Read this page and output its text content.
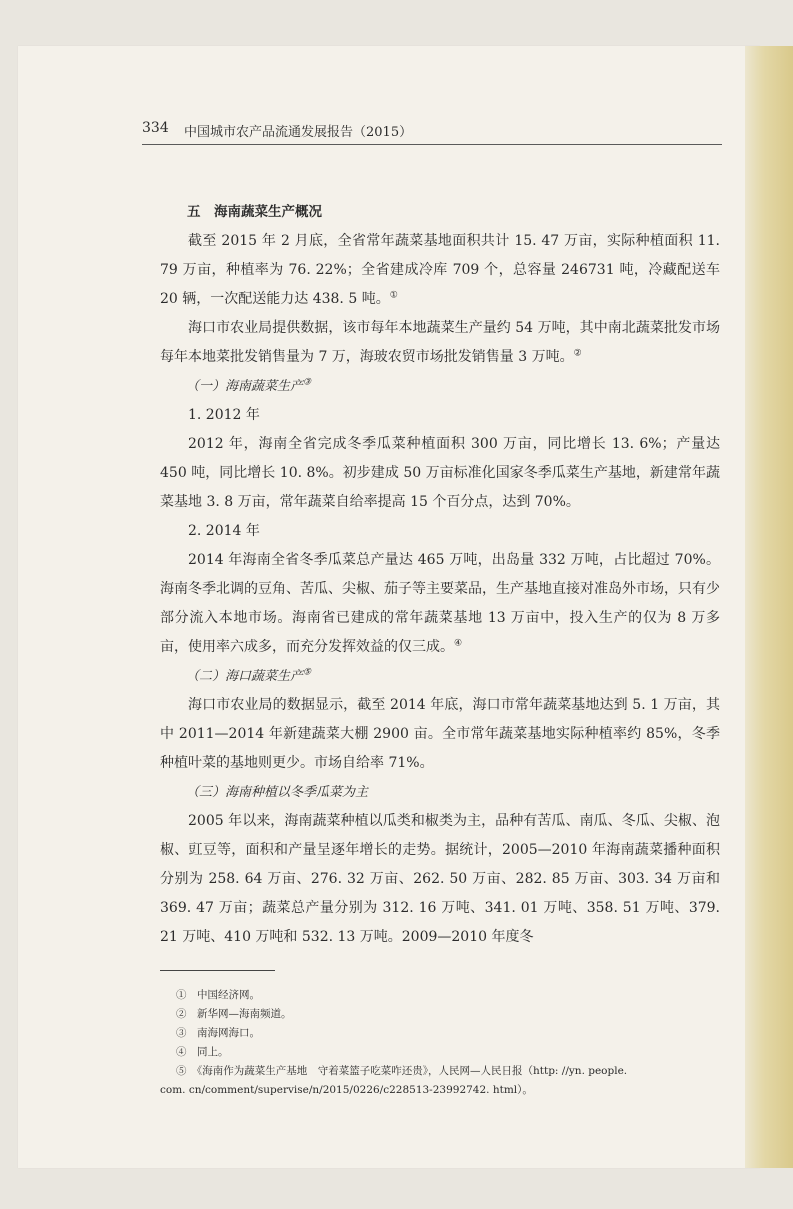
334 中国城市农产品流通发展报告（2015）

五　海南蔬菜生产概况

截至 2015 年 2 月底，全省常年蔬菜基地面积共计 15. 47 万亩，实际种植面积 11. 79 万亩，种植率为 76. 22%；全省建成冷库 709 个，总容量 246731 吨，冷藏配送车 20 辆，一次配送能力达 438. 5 吨。①

海口市农业局提供数据，该市每年本地蔬菜生产量约 54 万吨，其中南北蔬菜批发市场每年本地菜批发销售量为 7 万，海玻农贸市场批发销售量 3 万吨。②

（一）海南蔬菜生产③

1. 2012 年

2012 年，海南全省完成冬季瓜菜种植面积 300 万亩，同比增长 13. 6%；产量达 450 吨，同比增长 10. 8%。初步建成 50 万亩标准化国家冬季瓜菜生产基地，新建常年蔬菜基地 3. 8 万亩，常年蔬菜自给率提高 15 个百分点，达到 70%。

2. 2014 年

2014 年海南全省冬季瓜菜总产量达 465 万吨，出岛量 332 万吨，占比超过 70%。海南冬季北调的豆角、苦瓜、尖椒、茄子等主要菜品，生产基地直接对准岛外市场，只有少部分流入本地市场。海南省已建成的常年蔬菜基地 13 万亩中，投入生产的仅为 8 万多亩，使用率六成多，而充分发挥效益的仅三成。④

（二）海口蔬菜生产⑤

海口市农业局的数据显示，截至 2014 年底，海口市常年蔬菜基地达到 5. 1 万亩，其中 2011—2014 年新建蔬菜大棚 2900 亩。全市常年蔬菜基地实际种植率约 85%，冬季种植叶菜的基地则更少。市场自给率 71%。

（三）海南种植以冬季瓜菜为主

2005 年以来，海南蔬菜种植以瓜类和椒类为主，品种有苦瓜、南瓜、冬瓜、尖椒、泡椒、豇豆等，面积和产量呈逐年增长的走势。据统计，2005—2010 年海南蔬菜播种面积分别为 258. 64 万亩、276. 32 万亩、262. 50 万亩、282. 85 万亩、303. 34 万亩和 369. 47 万亩；蔬菜总产量分别为 312. 16 万吨、341. 01 万吨、358. 51 万吨、379. 21 万吨、410 万吨和 532. 13 万吨。2009—2010 年度冬

①　中国经济网。

②　新华网—海南频道。

③　南海网海口。

④　同上。

⑤　《海南作为蔬菜生产基地　守着菜篮子吃菜咋还贵》，人民网—人民日报（http: //yn. people.

com. cn/comment/supervise/n/2015/0226/c228513-23992742. html）。
